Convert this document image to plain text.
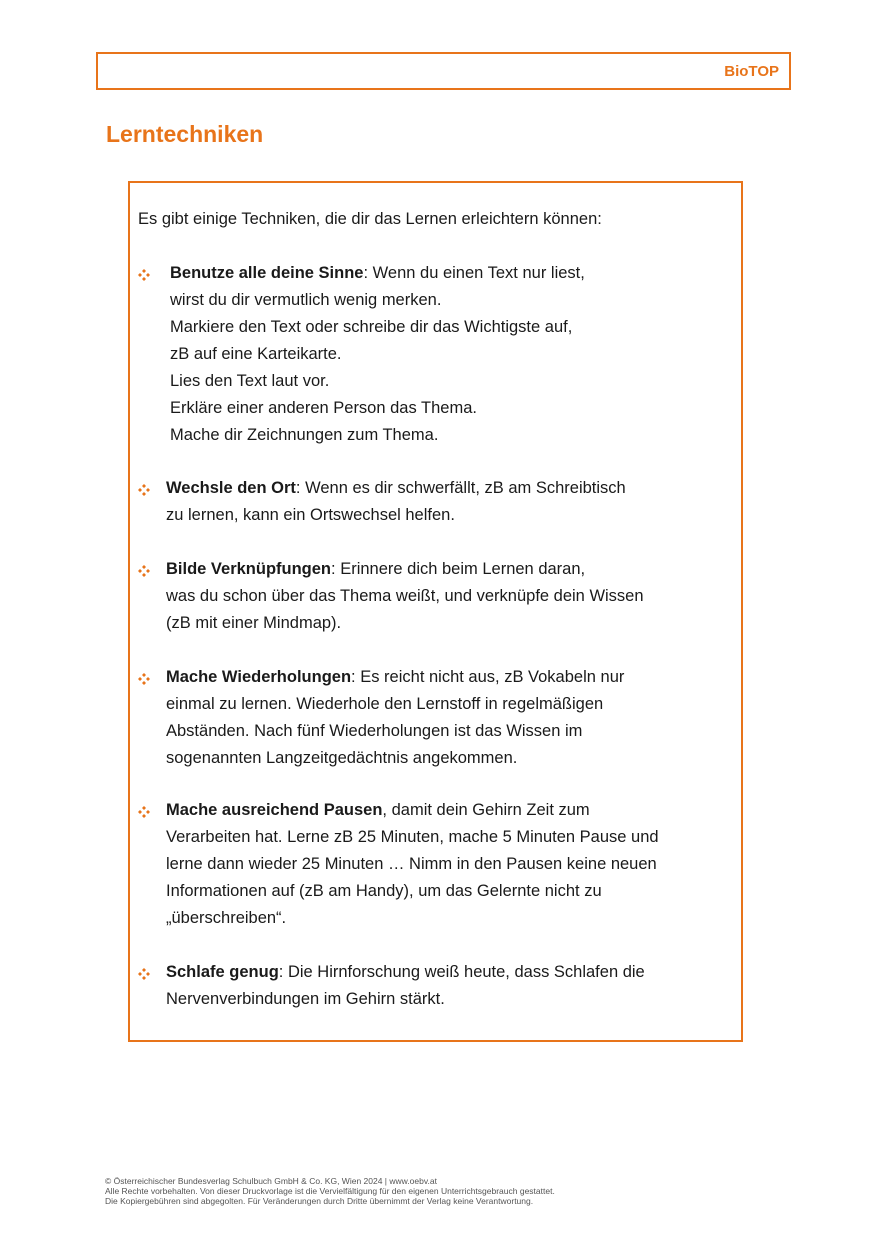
BioTOP
Lerntechniken

Es gibt einige Techniken, die dir das Lernen erleichtern können:

Benutze alle deine Sinne: Wenn du einen Text nur liest,
wirst du dir vermutlich wenig merken.
Markiere den Text oder schreibe dir das Wichtigste auf,
zB auf eine Karteikarte.
Lies den Text laut vor.
Erkläre einer anderen Person das Thema.
Mache dir Zeichnungen zum Thema.
Wechsle den Ort: Wenn es dir schwerfällt, zB am Schreibtisch
zu lernen, kann ein Ortswechsel helfen.
Bilde Verknüpfungen: Erinnere dich beim Lernen daran,
was du schon über das Thema weißt, und verknüpfe dein Wissen
(zB mit einer Mindmap).
Mache Wiederholungen: Es reicht nicht aus, zB Vokabeln nur
einmal zu lernen. Wiederhole den Lernstoff in regelmäßigen
Abständen. Nach fünf Wiederholungen ist das Wissen im
sogenannten Langzeitgedächtnis angekommen.
Mache ausreichend Pausen, damit dein Gehirn Zeit zum
Verarbeiten hat. Lerne zB 25 Minuten, mache 5 Minuten Pause und
lerne dann wieder 25 Minuten … Nimm in den Pausen keine neuen
Informationen auf (zB am Handy), um das Gelernte nicht zu
„überschreiben“.
Schlafe genug: Die Hirnforschung weiß heute, dass Schlafen die
Nervenverbindungen im Gehirn stärkt.
© Österreichischer Bundesverlag Schulbuch GmbH & Co. KG, Wien 2024 | www.oebv.at
Alle Rechte vorbehalten. Von dieser Druckvorlage ist die Vervielfältigung für den eigenen Unterrichtsgebrauch gestattet.
Die Kopiergebühren sind abgegolten. Für Veränderungen durch Dritte übernimmt der Verlag keine Verantwortung.
